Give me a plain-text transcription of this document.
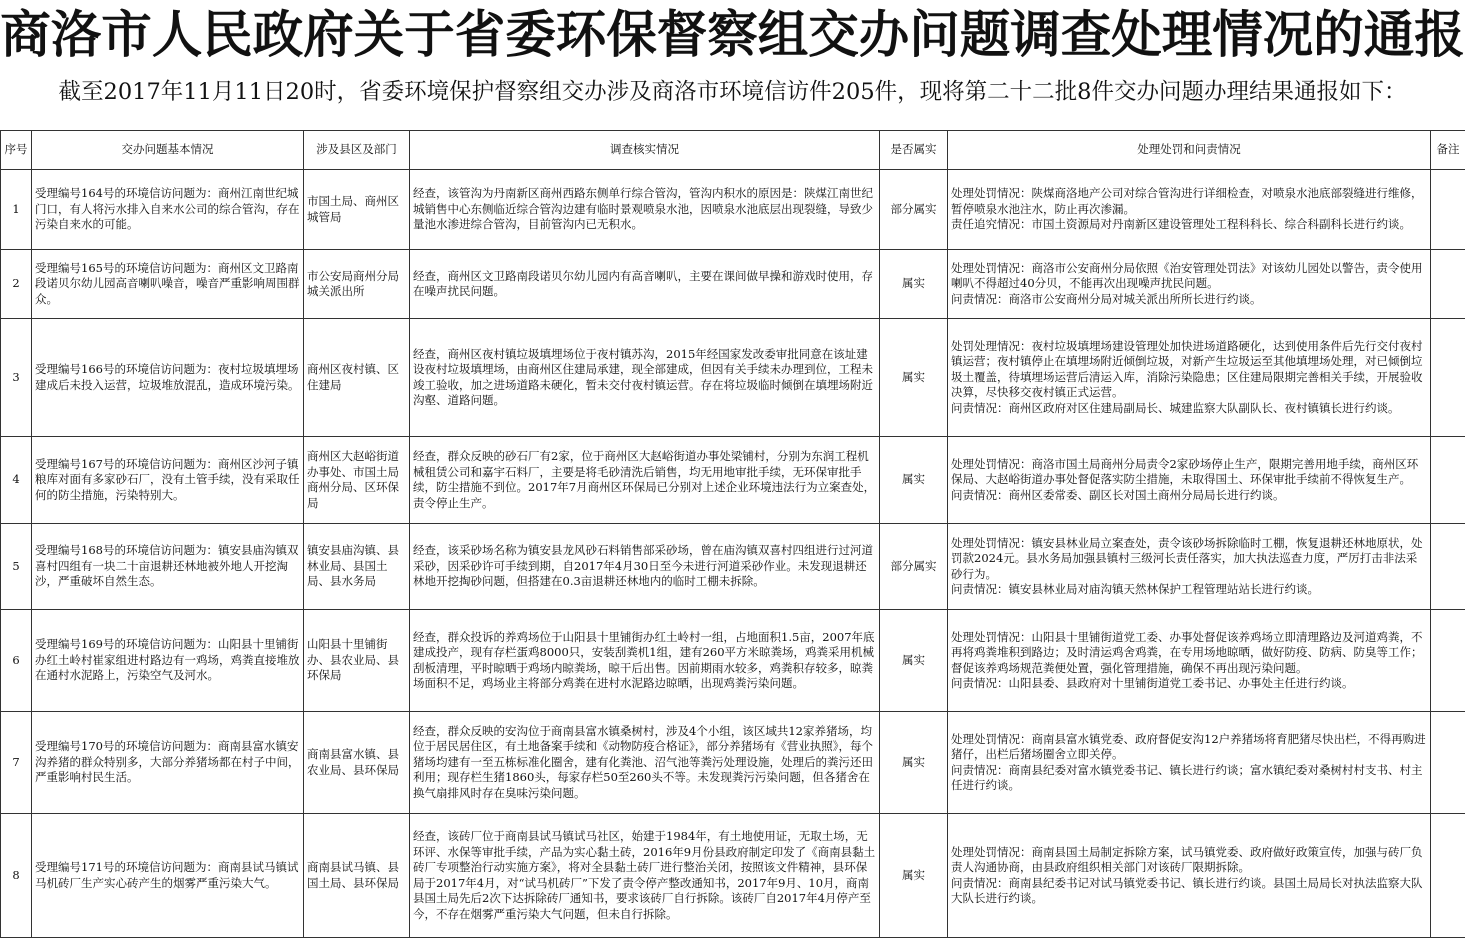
商洛市人民政府关于省委环保督察组交办问题调查处理情况的通报
截至2017年11月11日20时，省委环境保护督察组交办涉及商洛市环境信访件205件，现将第二十二批8件交办问题办理结果通报如下：
序号	交办问题基本情况	涉及县区及部门	调查核实情况	是否属实	处理处罚和问责情况	备注
1	受理编号164号的环境信访问题为：商州江南世纪城门口，有人将污水排入自来水公司的综合管沟，存在污染自来水的可能。	市国土局、商州区城管局	经查，该管沟为丹南新区商州西路东侧单行综合管沟，管沟内积水的原因是：陕煤江南世纪城销售中心东侧临近综合管沟边建有临时景观喷泉水池，因喷泉水池底层出现裂缝，导致少量池水渗进综合管沟，目前管沟内已无积水。	部分属实	处理处罚情况：陕煤商洛地产公司对综合管沟进行详细检查，对喷泉水池底部裂缝进行维修，暂停喷泉水池注水，防止再次渗漏。
责任追究情况：市国土资源局对丹南新区建设管理处工程科科长、综合科副科长进行约谈。	

2	受理编号165号的环境信访问题为：商州区文卫路南段诺贝尔幼儿园高音喇叭噪音，噪音严重影响周围群众。	市公安局商州分局城关派出所	经查，商州区文卫路南段诺贝尔幼儿园内有高音喇叭，主要在课间做早操和游戏时使用，存在噪声扰民问题。	属实	处理处罚情况：商洛市公安商州分局依照《治安管理处罚法》对该幼儿园处以警告，责令使用喇叭不得超过40分贝，不能再次出现噪声扰民问题。
问责情况：商洛市公安商州分局对城关派出所所长进行约谈。	

3	受理编号166号的环境信访问题为：夜村垃圾填埋场建成后未投入运营，垃圾堆放混乱，造成环境污染。	商州区夜村镇、区住建局	经查，商州区夜村镇垃圾填埋场位于夜村镇苏沟，2015年经国家发改委审批同意在该址建设夜村垃圾填埋场，由商州区住建局承建，现全部建成，但因有关手续未办理到位，工程未竣工验收，加之进场道路未硬化，暂未交付夜村镇运营。存在将垃圾临时倾倒在填埋场附近沟壑、道路问题。	属实	处罚处理情况：夜村垃圾填埋场建设管理处加快进场道路硬化，达到使用条件后先行交付夜村镇运营；夜村镇停止在填埋场附近倾倒垃圾，对新产生垃圾运至其他填埋场处理，对已倾倒垃圾土覆盖，待填埋场运营后清运入库，消除污染隐患；区住建局限期完善相关手续，开展验收决算，尽快移交夜村镇正式运营。
问责情况：商州区政府对区住建局副局长、城建监察大队副队长、夜村镇镇长进行约谈。	

4	受理编号167号的环境信访问题为：商州区沙河子镇粮库对面有多家砂石厂，没有土管手续，没有采取任何的防尘措施，污染特别大。	商州区大赵峪街道办事处、市国土局商州分局、区环保局	经查，群众反映的砂石厂有2家，位于商州区大赵峪街道办事处梁铺村，分别为东润工程机械租赁公司和嘉宇石料厂，主要是将毛砂清洗后销售，均无用地审批手续，无环保审批手续，防尘措施不到位。2017年7月商州区环保局已分别对上述企业环境违法行为立案查处，责令停止生产。	属实	处理处罚情况：商洛市国土局商州分局责令2家砂场停止生产，限期完善用地手续，商州区环保局、大赵峪街道办事处督促落实防尘措施，未取得国土、环保审批手续前不得恢复生产。
问责情况：商州区委常委、副区长对国土商州分局局长进行约谈。	

5	受理编号168号的环境信访问题为：镇安县庙沟镇双喜村四组有一块二十亩退耕还林地被外地人开挖淘沙，严重破坏自然生态。	镇安县庙沟镇、县林业局、县国土局、县水务局	经查，该采砂场名称为镇安县龙风砂石料销售部采砂场，曾在庙沟镇双喜村四组进行过河道采砂，因采砂许可手续到期，自2017年4月30日至今未进行河道采砂作业。未发现退耕还林地开挖掏砂问题，但搭建在0.3亩退耕还林地内的临时工棚未拆除。	部分属实	处理处罚情况：镇安县林业局立案查处，责令该砂场拆除临时工棚，恢复退耕还林地原状，处罚款2024元。县水务局加强县镇村三级河长责任落实，加大执法巡查力度，严厉打击非法采砂行为。
问责情况：镇安县林业局对庙沟镇天然林保护工程管理站站长进行约谈。	

6	受理编号169号的环境信访问题为：山阳县十里铺街办红土岭村崔家组进村路边有一鸡场，鸡粪直接堆放在通村水泥路上，污染空气及河水。	山阳县十里铺街办、县农业局、县环保局	经查，群众投诉的养鸡场位于山阳县十里铺街办红土岭村一组，占地面积1.5亩，2007年底建成投产，现有存栏蛋鸡8000只，安装刮粪机1组，建有260平方米晾粪场，鸡粪采用机械刮板清理，平时晾晒于鸡场内晾粪场，晾干后出售。因前期雨水较多，鸡粪积存较多，晾粪场面积不足，鸡场业主将部分鸡粪在进村水泥路边晾晒，出现鸡粪污染问题。	属实	处理处罚情况：山阳县十里铺街道党工委、办事处督促该养鸡场立即清理路边及河道鸡粪，不再将鸡粪堆积到路边；及时清运鸡舍鸡粪，在专用场地晾晒，做好防疫、防病、防臭等工作；督促该养鸡场规范粪便处置，强化管理措施，确保不再出现污染问题。
问责情况：山阳县委、县政府对十里铺街道党工委书记、办事处主任进行约谈。	

7	受理编号170号的环境信访问题为：商南县富水镇安沟养猪的群众特别多，大部分养猪场都在村子中间，严重影响村民生活。	商南县富水镇、县农业局、县环保局	经查，群众反映的安沟位于商南县富水镇桑树村，涉及4个小组，该区域共12家养猪场，均位于居民居住区，有土地备案手续和《动物防疫合格证》，部分养猪场有《营业执照》，每个猪场均建有一至五栋标准化圈舍，建有化粪池、沼气池等粪污处理设施，处理后的粪污还田利用；现存栏生猪1860头，每家存栏50至260头不等。未发现粪污污染问题，但各猪舍在换气扇排风时存在臭味污染问题。	属实	处理处罚情况：商南县富水镇党委、政府督促安沟12户养猪场将育肥猪尽快出栏，不得再购进猪仔，出栏后猪场圈舍立即关停。
问责情况：商南县纪委对富水镇党委书记、镇长进行约谈；富水镇纪委对桑树村村支书、村主任进行约谈。	

8	受理编号171号的环境信访问题为：商南县试马镇试马机砖厂生产实心砖产生的烟雾严重污染大气。	商南县试马镇、县国土局、县环保局	经查，该砖厂位于商南县试马镇试马社区，始建于1984年，有土地使用证，无取土场，无环评、水保等审批手续，产品为实心黏土砖，2016年9月份县政府制定印发了《商南县黏土砖厂专项整治行动实施方案》，将对全县黏土砖厂进行整治关闭，按照该文件精神，县环保局于2017年4月，对“试马机砖厂”下发了责令停产整改通知书，2017年9月、10月，商南县国土局先后2次下达拆除砖厂通知书，要求该砖厂自行拆除。该砖厂自2017年4月停产至今，不存在烟雾严重污染大气问题，但未自行拆除。	属实	处理处罚情况：商南县国土局制定拆除方案，试马镇党委、政府做好政策宣传，加强与砖厂负责人沟通协商，由县政府组织相关部门对该砖厂限期拆除。
问责情况：商南县纪委书记对试马镇党委书记、镇长进行约谈。县国土局局长对执法监察大队大队长进行约谈。	
